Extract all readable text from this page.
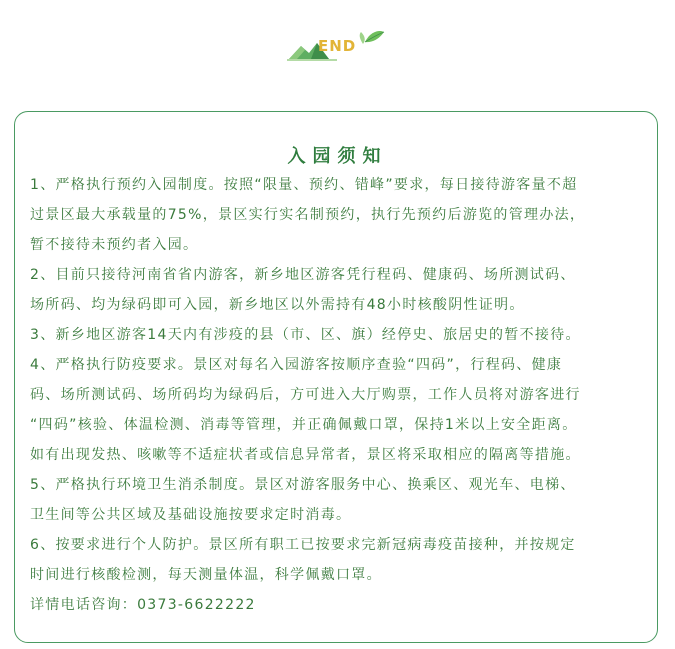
END
入园须知
1、严格执行预约入园制度。按照“限量、预约、错峰”要求，每日接待游客量不超
过景区最大承载量的75%，景区实行实名制预约，执行先预约后游览的管理办法，
暂不接待未预约者入园。
2、目前只接待河南省省内游客，新乡地区游客凭行程码、健康码、场所测试码、
场所码、均为绿码即可入园，新乡地区以外需持有48小时核酸阴性证明。
3、新乡地区游客14天内有涉疫的县（市、区、旗）经停史、旅居史的暂不接待。
4、严格执行防疫要求。景区对每名入园游客按顺序查验“四码”，行程码、健康
码、场所测试码、场所码均为绿码后，方可进入大厅购票，工作人员将对游客进行
“四码”核验、体温检测、消毒等管理，并正确佩戴口罩，保持1米以上安全距离。
如有出现发热、咳嗽等不适症状者或信息异常者，景区将采取相应的隔离等措施。
5、严格执行环境卫生消杀制度。景区对游客服务中心、换乘区、观光车、电梯、
卫生间等公共区域及基础设施按要求定时消毒。
6、按要求进行个人防护。景区所有职工已按要求完新冠病毒疫苗接种，并按规定
时间进行核酸检测，每天测量体温，科学佩戴口罩。
详情电话咨询：0373-6622222
